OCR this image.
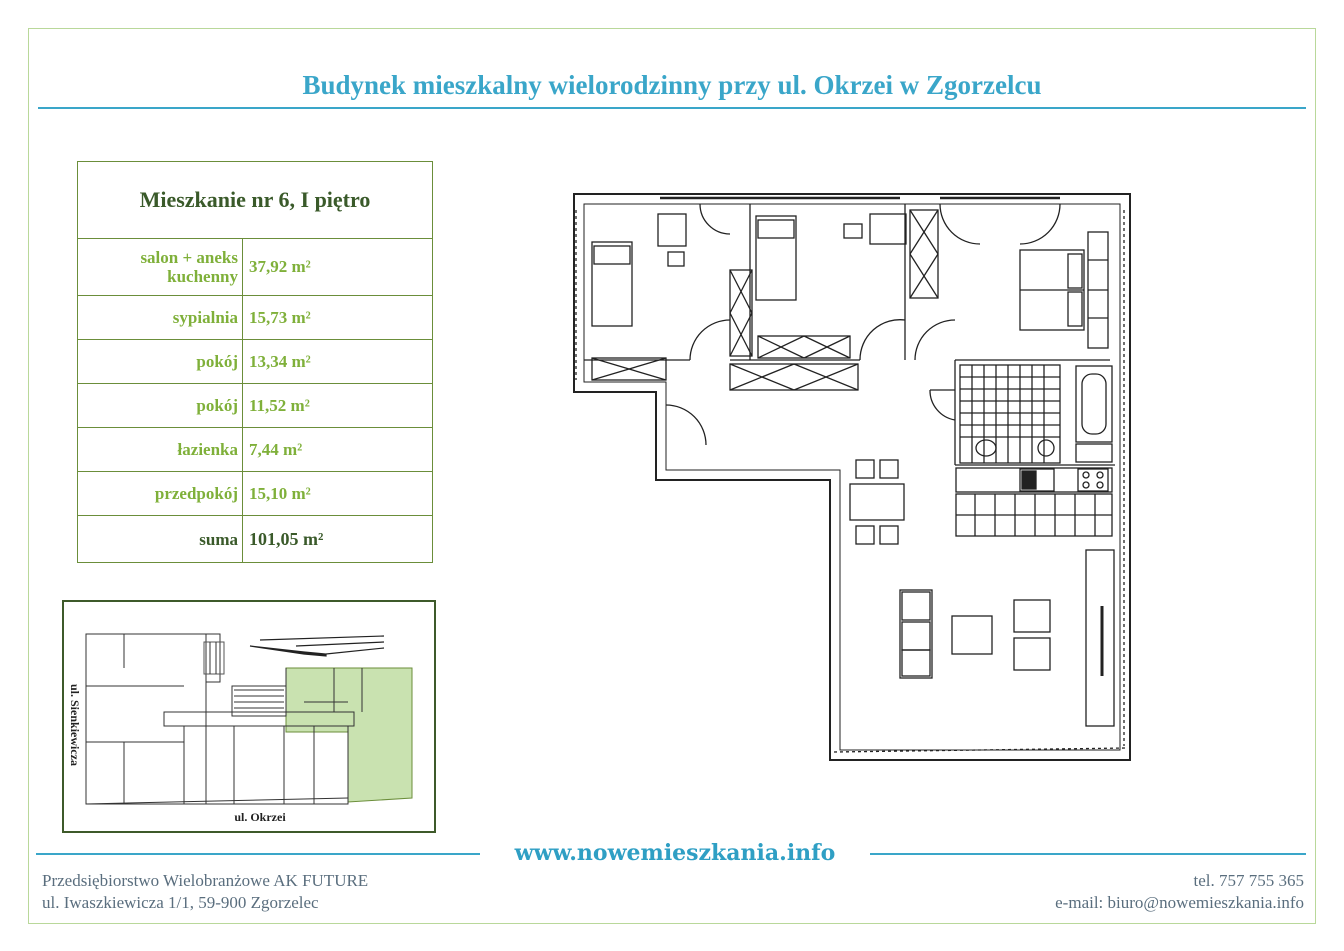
Budynek mieszkalny wielorodzinny przy ul. Okrzei w Zgorzelcu
Mieszkanie nr 6, I piętro	
salon + aneks kuchenny	37,92 m²
sypialnia	15,73 m²
pokój	13,34 m²
pokój	11,52 m²
łazienka	7,44 m²
przedpokój	15,10 m²
suma	101,05 m²
ul. Sienkiewicza
ul. Okrzei
www.nowemieszkania.info
Przedsiębiorstwo Wielobranżowe AK FUTURE
ul. Iwaszkiewicza 1/1, 59-900 Zgorzelec
tel. 757 755 365
e-mail: biuro@nowemieszkania.info
